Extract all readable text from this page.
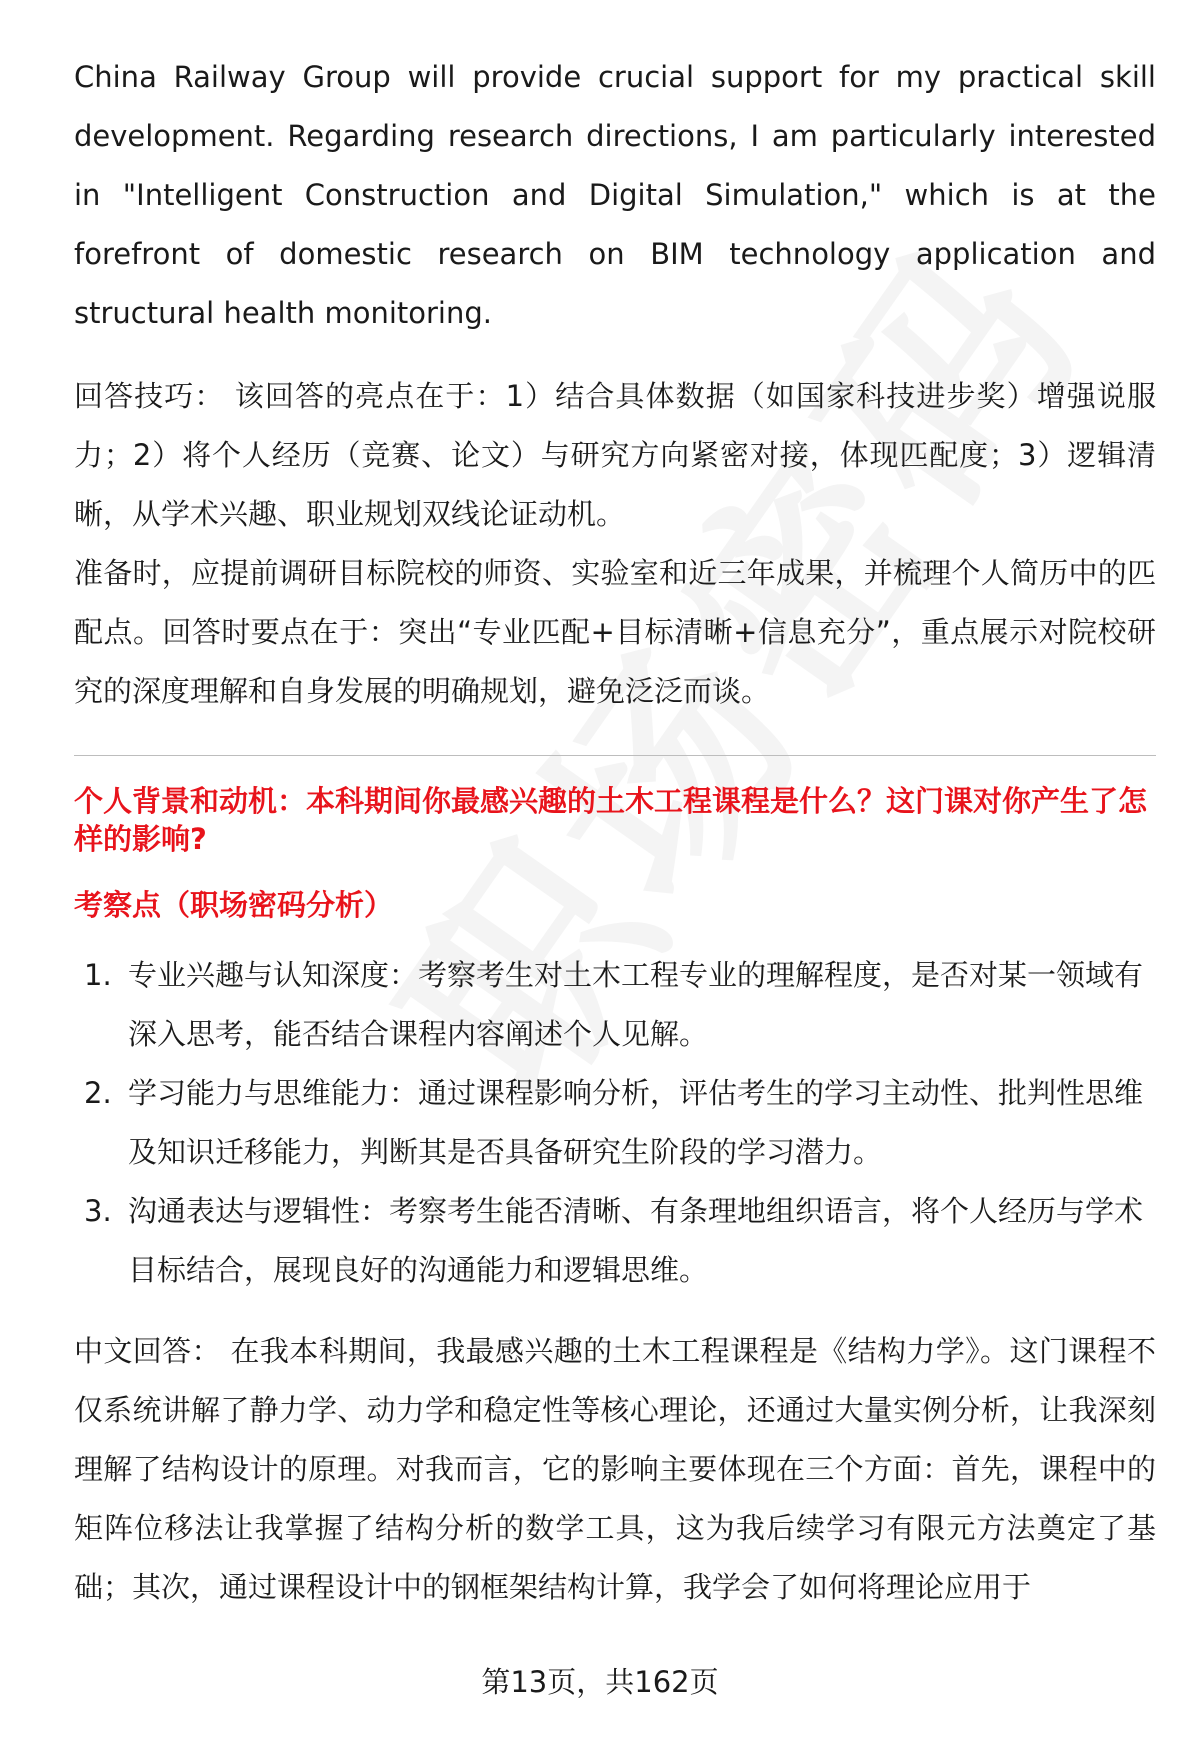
China Railway Group will provide crucial support for my practical skill development. Regarding research directions, I am particularly interested in "Intelligent Construction and Digital Simulation," which is at the forefront of domestic research on BIM technology application and structural health monitoring.

回答技巧： 该回答的亮点在于：1）结合具体数据（如国家科技进步奖）增强说服力；2）将个人经历（竞赛、论文）与研究方向紧密对接，体现匹配度；3）逻辑清晰，从学术兴趣、职业规划双线论证动机。

准备时，应提前调研目标院校的师资、实验室和近三年成果，并梳理个人简历中的匹配点。回答时要点在于：突出“专业匹配+目标清晰+信息充分”，重点展示对院校研究的深度理解和自身发展的明确规划，避免泛泛而谈。

个人背景和动机：本科期间你最感兴趣的土木工程课程是什么？这门课对你产生了怎样的影响?

考察点（职场密码分析）

1. 专业兴趣与认知深度：考察考生对土木工程专业的理解程度，是否对某一领域有深入思考，能否结合课程内容阐述个人见解。
2. 学习能力与思维能力：通过课程影响分析，评估考生的学习主动性、批判性思维及知识迁移能力，判断其是否具备研究生阶段的学习潜力。
3. 沟通表达与逻辑性：考察考生能否清晰、有条理地组织语言，将个人经历与学术目标结合，展现良好的沟通能力和逻辑思维。

中文回答： 在我本科期间，我最感兴趣的土木工程课程是《结构力学》。这门课程不仅系统讲解了静力学、动力学和稳定性等核心理论，还通过大量实例分析，让我深刻理解了结构设计的原理。对我而言，它的影响主要体现在三个方面：首先，课程中的矩阵位移法让我掌握了结构分析的数学工具，这为我后续学习有限元方法奠定了基础；其次，通过课程设计中的钢框架结构计算，我学会了如何将理论应用于

第13页，共162页
